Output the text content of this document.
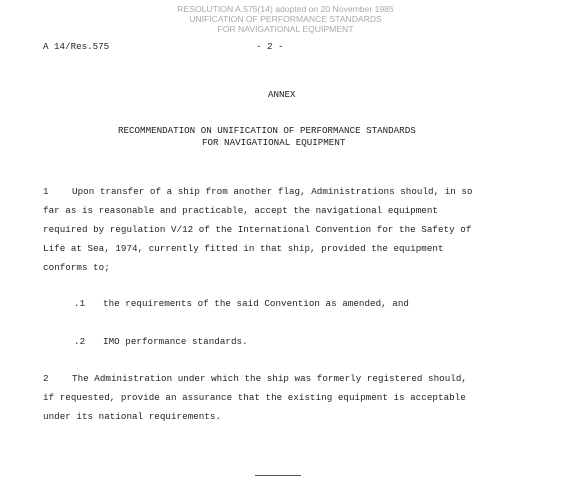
RESOLUTION A.575(14) adopted on 20 November 1985
UNIFICATION OF PERFORMANCE STANDARDS
FOR NAVIGATIONAL EQUIPMENT
A 14/Res.575	- 2 -
ANNEX
RECOMMENDATION ON UNIFICATION OF PERFORMANCE STANDARDS
FOR NAVIGATIONAL EQUIPMENT
1	Upon transfer of a ship from another flag, Administrations should, in so
far as is reasonable and practicable, accept the navigational equipment
required by regulation V/12 of the International Convention for the Safety of
Life at Sea, 1974, currently fitted in that ship, provided the equipment
conforms to;
.1 the requirements of the said Convention as amended, and
.2 IMO performance standards.
2	The Administration under which the ship was formerly registered should,
if requested, provide an assurance that the existing equipment is acceptable
under its national requirements.
